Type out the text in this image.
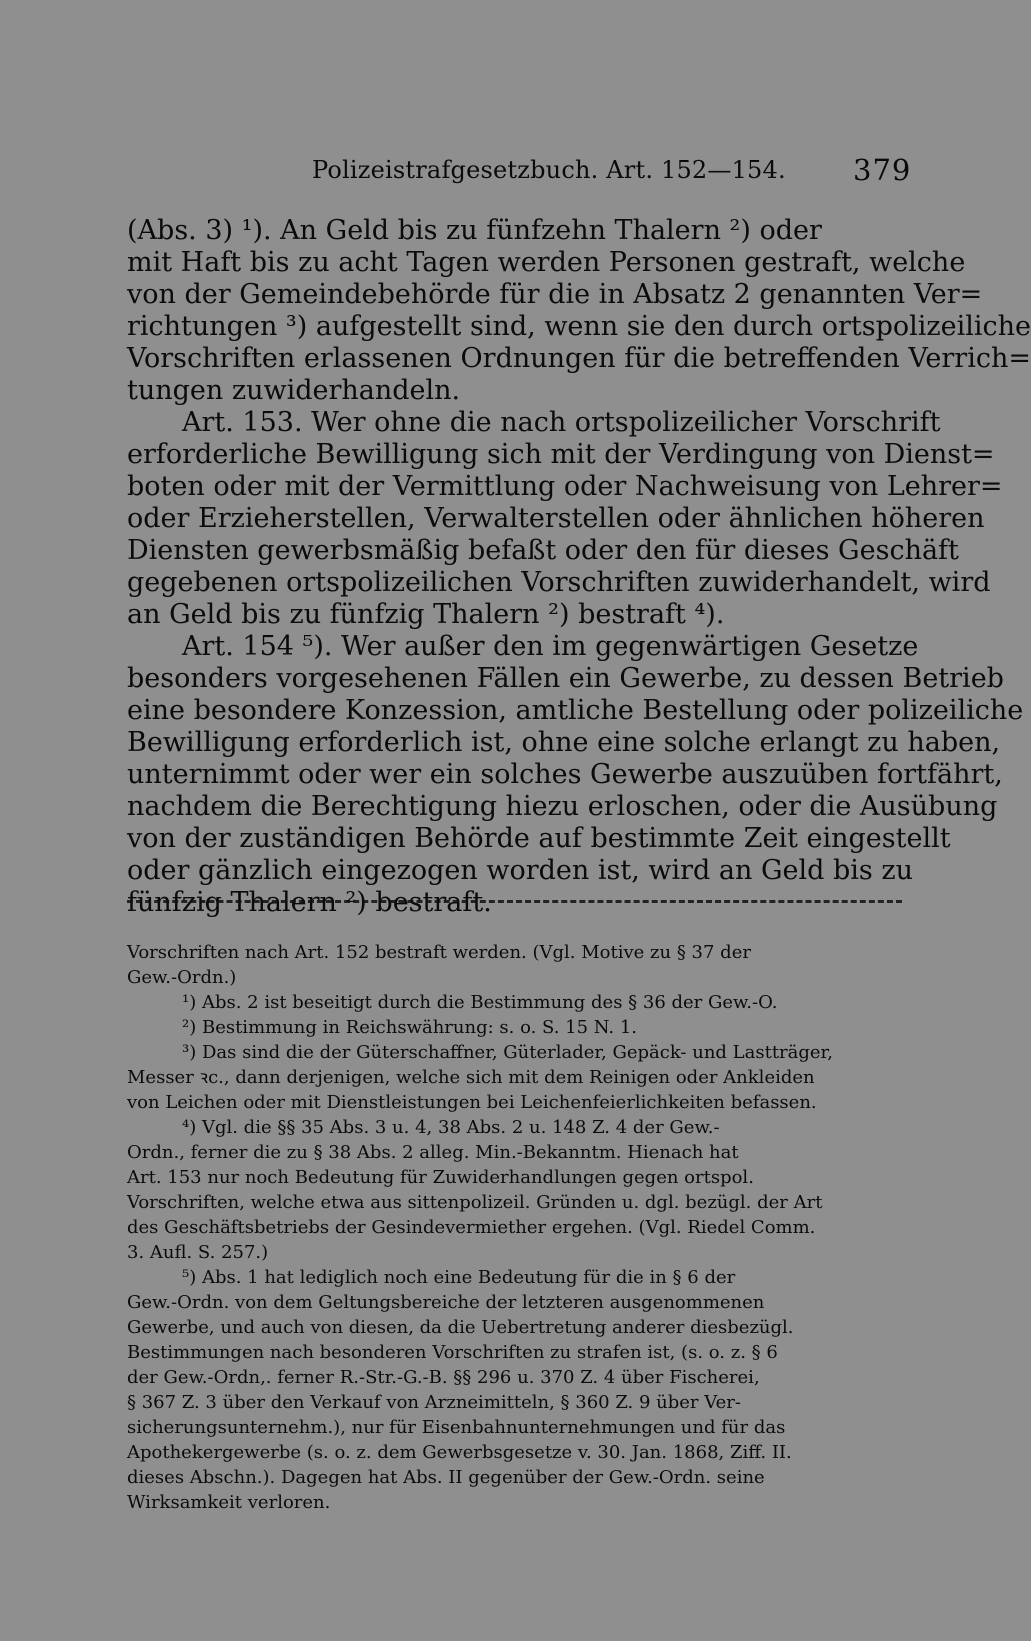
Polizeistrafgesetzbuch. Art. 152—154. 379
(Abs. 3) ¹). An Geld bis zu fünfzehn Thalern ²) oder
mit Haft bis zu acht Tagen werden Personen gestraft, welche
von der Gemeindebehörde für die in Absatz 2 genannten Ver=
richtungen ³) aufgestellt sind, wenn sie den durch ortspolizeiliche
Vorschriften erlassenen Ordnungen für die betreffenden Verrich=
tungen zuwiderhandeln.
Art. 153. Wer ohne die nach ortspolizeilicher Vorschrift
erforderliche Bewilligung sich mit der Verdingung von Dienst=
boten oder mit der Vermittlung oder Nachweisung von Lehrer=
oder Erzieherstellen, Verwalterstellen oder ähnlichen höheren
Diensten gewerbsmäßig befaßt oder den für dieses Geschäft
gegebenen ortspolizeilichen Vorschriften zuwiderhandelt, wird
an Geld bis zu fünfzig Thalern ²) bestraft ⁴).
Art. 154 ⁵). Wer außer den im gegenwärtigen Gesetze
besonders vorgesehenen Fällen ein Gewerbe, zu dessen Betrieb
eine besondere Konzession, amtliche Bestellung oder polizeiliche
Bewilligung erforderlich ist, ohne eine solche erlangt zu haben,
unternimmt oder wer ein solches Gewerbe auszuüben fortfährt,
nachdem die Berechtigung hiezu erloschen, oder die Ausübung
von der zuständigen Behörde auf bestimmte Zeit eingestellt
oder gänzlich eingezogen worden ist, wird an Geld bis zu
fünfzig Thalern ²) bestraft.
Vorschriften nach Art. 152 bestraft werden. (Vgl. Motive zu § 37 der
Gew.-Ordn.)
¹) Abs. 2 ist beseitigt durch die Bestimmung des § 36 der Gew.-O.
²) Bestimmung in Reichswährung: s. o. S. 15 N. 1.
³) Das sind die der Güterschaffner, Güterlader, Gepäck- und Lastträger,
Messer ꝛc., dann derjenigen, welche sich mit dem Reinigen oder Ankleiden
von Leichen oder mit Dienstleistungen bei Leichenfeierlichkeiten befassen.
⁴) Vgl. die §§ 35 Abs. 3 u. 4, 38 Abs. 2 u. 148 Z. 4 der Gew.-
Ordn., ferner die zu § 38 Abs. 2 alleg. Min.-Bekanntm. Hienach hat
Art. 153 nur noch Bedeutung für Zuwiderhandlungen gegen ortspol.
Vorschriften, welche etwa aus sittenpolizeil. Gründen u. dgl. bezügl. der Art
des Geschäftsbetriebs der Gesindevermiether ergehen. (Vgl. Riedel Comm.
3. Aufl. S. 257.)
⁵) Abs. 1 hat lediglich noch eine Bedeutung für die in § 6 der
Gew.-Ordn. von dem Geltungsbereiche der letzteren ausgenommenen
Gewerbe, und auch von diesen, da die Uebertretung anderer diesbezügl.
Bestimmungen nach besonderen Vorschriften zu strafen ist, (s. o. z. § 6
der Gew.-Ordn,. ferner R.-Str.-G.-B. §§ 296 u. 370 Z. 4 über Fischerei,
§ 367 Z. 3 über den Verkauf von Arzneimitteln, § 360 Z. 9 über Ver-
sicherungsunternehm.), nur für Eisenbahnunternehmungen und für das
Apothekergewerbe (s. o. z. dem Gewerbsgesetze v. 30. Jan. 1868, Ziff. II.
dieses Abschn.). Dagegen hat Abs. II gegenüber der Gew.-Ordn. seine
Wirksamkeit verloren.
